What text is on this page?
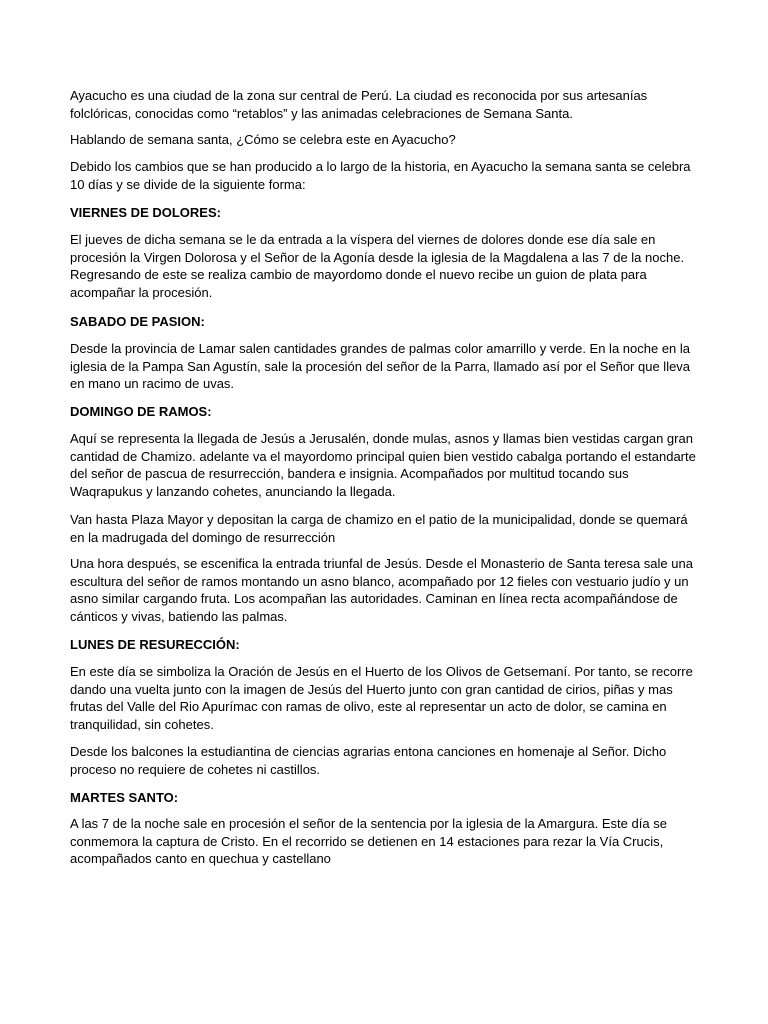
Ayacucho es una ciudad de la zona sur central de Perú. La ciudad es reconocida por sus artesanías folclóricas, conocidas como “retablos” y las animadas celebraciones de Semana Santa.

Hablando de semana santa, ¿Cómo se celebra este en Ayacucho?

Debido los cambios que se han producido a lo largo de la historia, en Ayacucho la semana santa se celebra 10 días y se divide de la siguiente forma:

VIERNES DE DOLORES:

El jueves de dicha semana se le da entrada a la víspera del viernes de dolores donde ese día sale en procesión la Virgen Dolorosa y el Señor de la Agonía desde la iglesia de la Magdalena a las 7 de la noche. Regresando de este se realiza cambio de mayordomo donde el nuevo recibe un guion de plata para acompañar la procesión.

SABADO DE PASION:

Desde la provincia de Lamar salen cantidades grandes de palmas color amarrillo y verde. En la noche en la iglesia de la Pampa San Agustín, sale la procesión del señor de la Parra, llamado así por el Señor que lleva en mano un racimo de uvas.

DOMINGO DE RAMOS:

Aquí se representa la llegada de Jesús a Jerusalén, donde mulas, asnos y llamas bien vestidas cargan gran cantidad de Chamizo. adelante va el mayordomo principal quien bien vestido cabalga portando el estandarte del señor de pascua de resurrección, bandera e insignia. Acompañados por multitud tocando sus Waqrapukus y lanzando cohetes, anunciando la llegada.

Van hasta Plaza Mayor y depositan la carga de chamizo en el patio de la municipalidad, donde se quemará en la madrugada del domingo de resurrección

Una hora después, se escenifica la entrada triunfal de Jesús. Desde el Monasterio de Santa teresa sale una escultura del señor de ramos montando un asno blanco, acompañado por 12 fieles con vestuario judío y un asno similar cargando fruta. Los acompañan las autoridades. Caminan en línea recta acompañándose de cánticos y vivas, batiendo las palmas.

LUNES DE RESURECCIÓN:

En este día se simboliza la Oración de Jesús en el Huerto de los Olivos de Getsemaní. Por tanto, se recorre dando una vuelta junto con la imagen de Jesús del Huerto junto con gran cantidad de cirios, piñas y mas frutas del Valle del Rio Apurímac con ramas de olivo, este al representar un acto de dolor, se camina en tranquilidad, sin cohetes.

Desde los balcones la estudiantina de ciencias agrarias entona canciones en homenaje al Señor. Dicho proceso no requiere de cohetes ni castillos.

MARTES SANTO:

A las 7 de la noche sale en procesión el señor de la sentencia por la iglesia de la Amargura. Este día se conmemora la captura de Cristo. En el recorrido se detienen en 14 estaciones para rezar la Vía Crucis, acompañados canto en quechua y castellano
